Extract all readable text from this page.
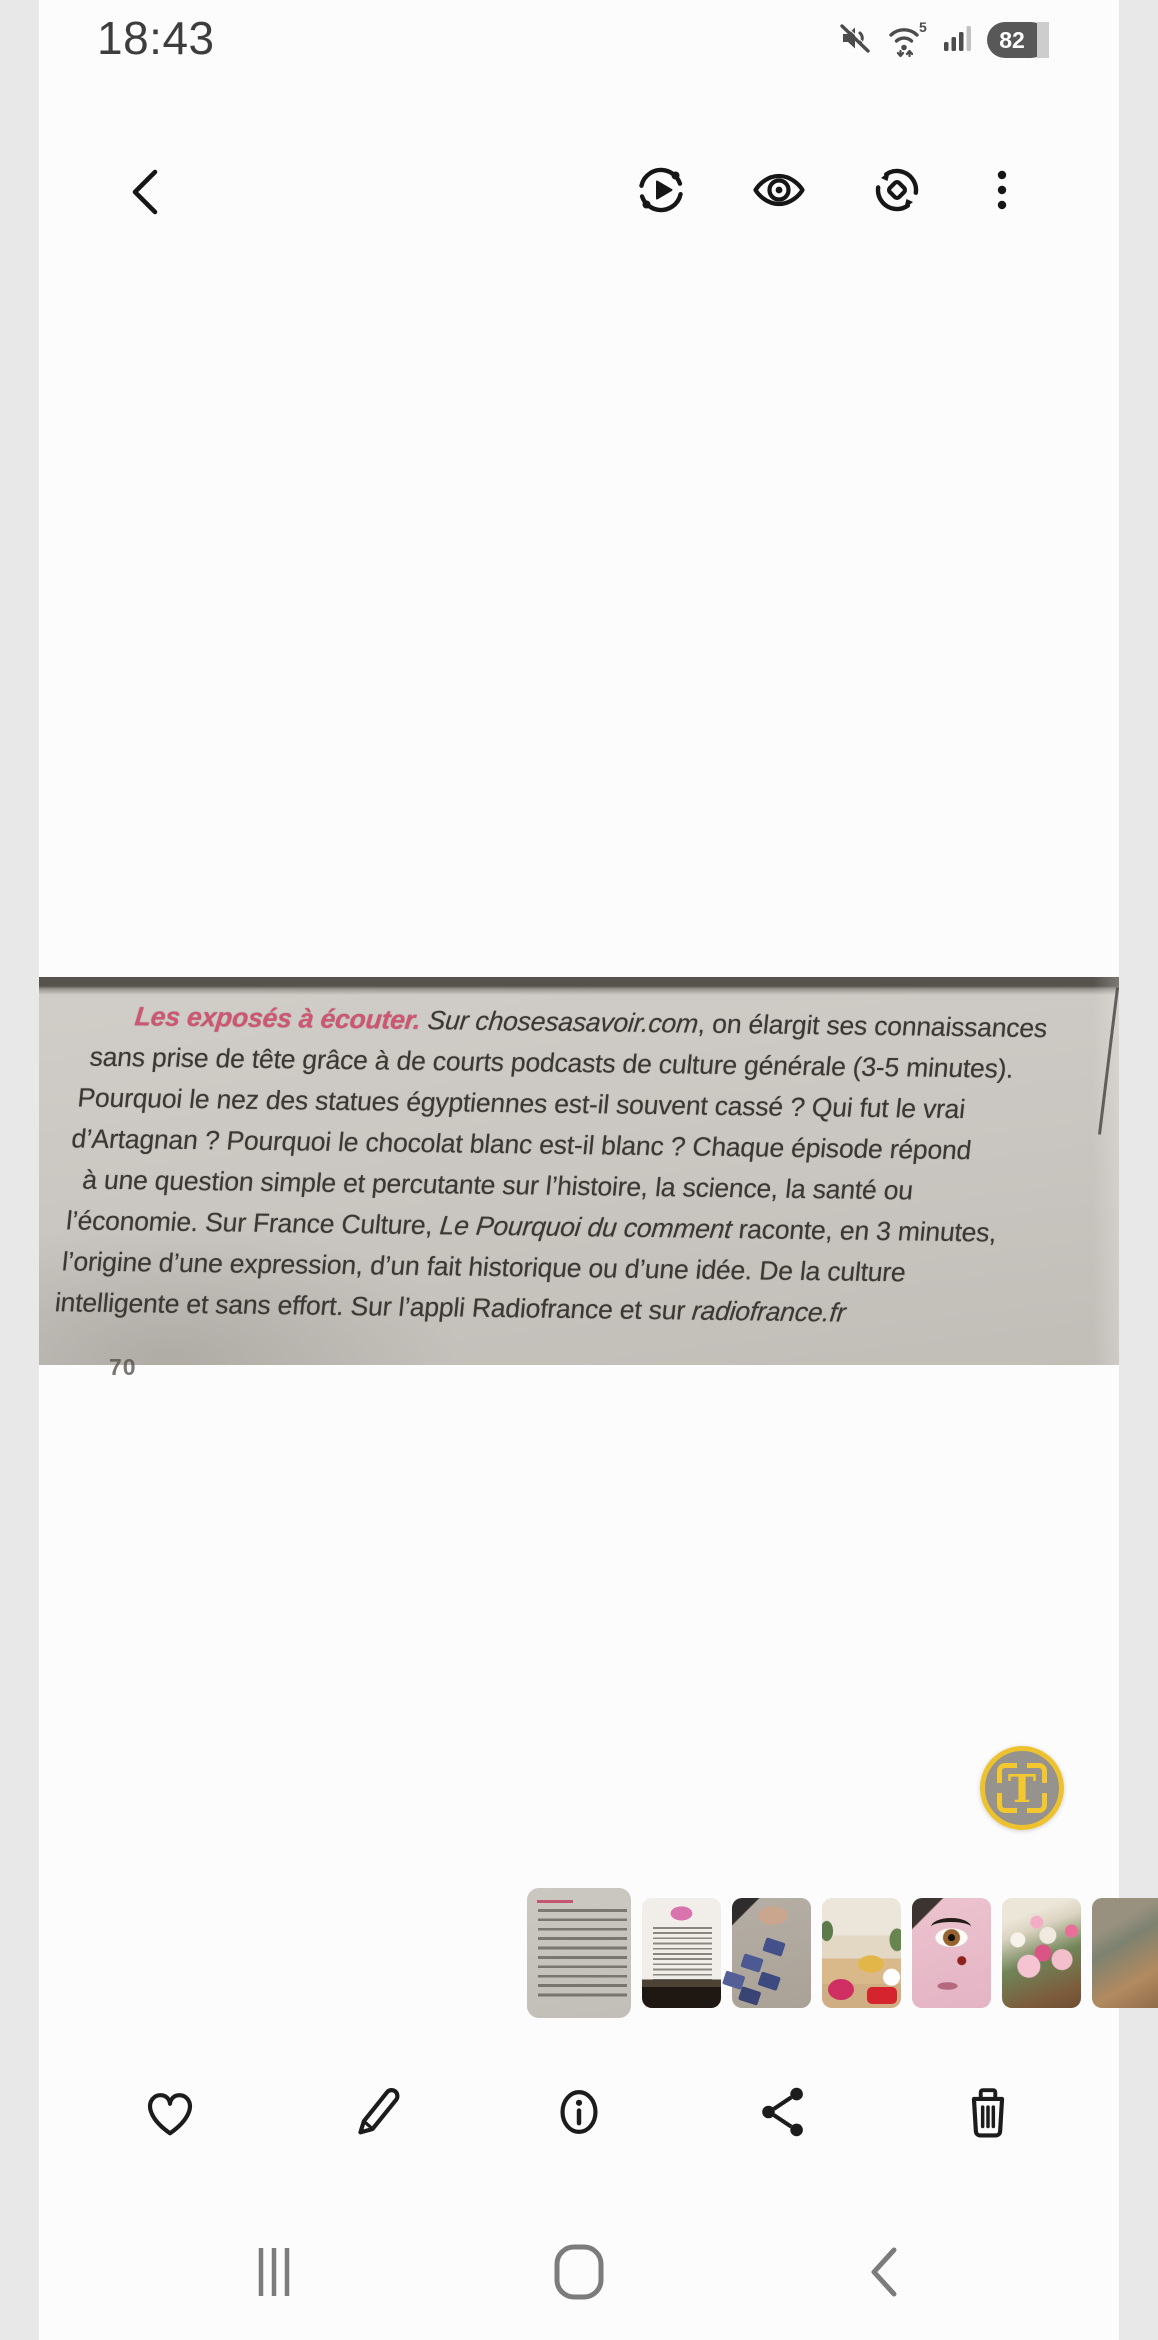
18:43	5	82
Les exposés à écouter. Sur chosesasavoir.com, on élargit ses connaissances
sans prise de tête grâce à de courts podcasts de culture générale (3-5 minutes).
Pourquoi le nez des statues égyptiennes est-il souvent cassé ? Qui fut le vrai
d’Artagnan ? Pourquoi le chocolat blanc est-il blanc ? Chaque épisode répond
à une question simple et percutante sur l’histoire, la science, la santé ou
l’économie. Sur France Culture, Le Pourquoi du comment raconte, en 3 minutes,
l’origine d’une expression, d’un fait historique ou d’une idée. De la culture
intelligente et sans effort. Sur l’appli Radiofrance et sur radiofrance.fr
70
T
